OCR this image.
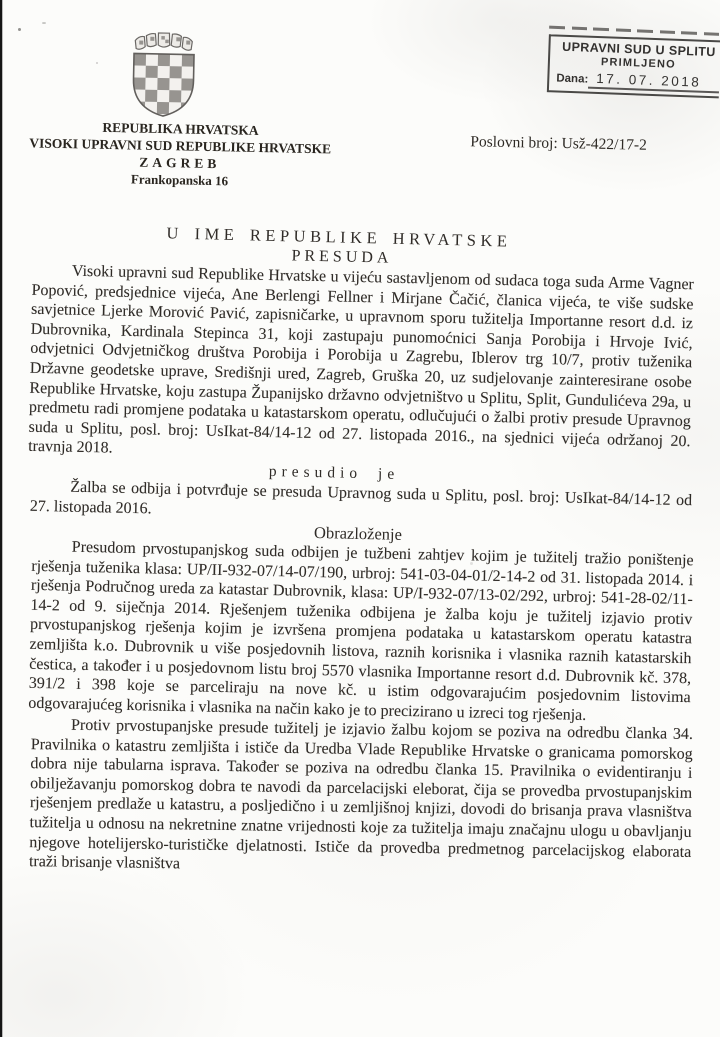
REPUBLIKA HRVATSKA
VISOKI UPRAVNI SUD REPUBLIKE HRVATSKE
ZAGREB
Frankopanska 16
Poslovni broj: Usž-422/17-2
UPRAVNI SUD U SPLITU
PRIMLJENO
Dana: 17. 07. 2018
U IME REPUBLIKE HRVATSKE
PRESUDA

Visoki upravni sud Republike Hrvatske u vijeću sastavljenom od sudaca toga suda Arme Vagner Popović, predsjednice vijeća, Ane Berlengi Fellner i Mirjane Čačić, članica vijeća, te više sudske savjetnice Ljerke Morović Pavić, zapisničarke, u upravnom sporu tužitelja Importanne resort d.d. iz Dubrovnika, Kardinala Stepinca 31, koji zastupaju punomoćnici Sanja Porobija i Hrvoje Ivić, odvjetnici Odvjetničkog društva Porobija i Porobija u Zagrebu, Iblerov trg 10/7, protiv tuženika Državne geodetske uprave, Središnji ured, Zagreb, Gruška 20, uz sudjelovanje zainteresirane osobe Republike Hrvatske, koju zastupa Županijsko državno odvjetništvo u Splitu, Split, Gundulićeva 29a, u predmetu radi promjene podataka u katastarskom operatu, odlučujući o žalbi protiv presude Upravnog suda u Splitu, posl. broj: UsIkat-84/14-12 od 27. listopada 2016., na sjednici vijeća održanoj 20. travnja 2018.

presudio je

Žalba se odbija i potvrđuje se presuda Upravnog suda u Splitu, posl. broj: UsIkat-84/14-12 od 27. listopada 2016.

Obrazloženje

Presudom prvostupanjskog suda odbijen je tužbeni zahtjev kojim je tužitelj tražio poništenje rješenja tuženika klasa: UP/II-932-07/14-07/190, urbroj: 541-03-04-01/2-14-2 od 31. listopada 2014. i rješenja Područnog ureda za katastar Dubrovnik, klasa: UP/I-932-07/13-02/292, urbroj: 541-28-02/11-14-2 od 9. siječnja 2014. Rješenjem tuženika odbijena je žalba koju je tužitelj izjavio protiv prvostupanjskog rješenja kojim je izvršena promjena podataka u katastarskom operatu katastra zemljišta k.o. Dubrovnik u više posjedovnih listova, raznih korisnika i vlasnika raznih katastarskih čestica, a također i u posjedovnom listu broj 5570 vlasnika Importanne resort d.d. Dubrovnik kč. 378, 391/2 i 398 koje se parceliraju na nove kč. u istim odgovarajućim posjedovnim listovima odgovarajućeg korisnika i vlasnika na način kako je to precizirano u izreci tog rješenja.

Protiv prvostupanjske presude tužitelj je izjavio žalbu kojom se poziva na odredbu članka 34. Pravilnika o katastru zemljišta i ističe da Uredba Vlade Republike Hrvatske o granicama pomorskog dobra nije tabularna isprava. Također se poziva na odredbu članka 15. Pravilnika o evidentiranju i obilježavanju pomorskog dobra te navodi da parcelacijski eleborat, čija se provedba prvostupanjskim rješenjem predlaže u katastru, a posljedično i u zemljišnoj knjizi, dovodi do brisanja prava vlasništva tužitelja u odnosu na nekretnine znatne vrijednosti koje za tužitelja imaju značajnu ulogu u obavljanju njegove hotelijersko-turističke djelatnosti. Ističe da provedba predmetnog parcelacijskog elaborata traži brisanje vlasništva
